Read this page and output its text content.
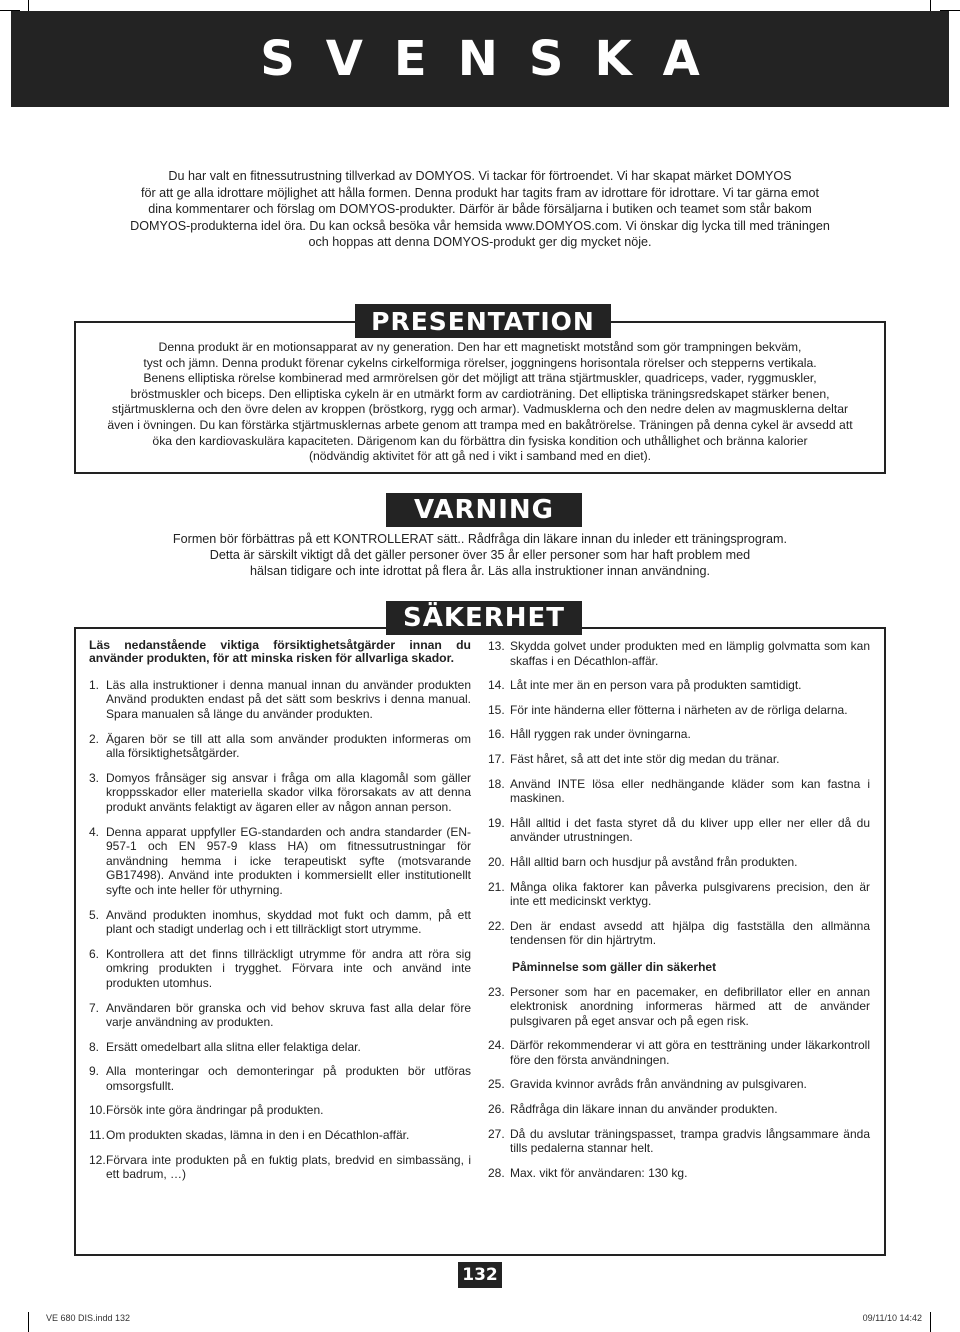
SVENSKA

Du har valt en fitnessutrustning tillverkad av DOMYOS. Vi tackar för förtroendet. Vi har skapat märket DOMYOS

för att ge alla idrottare möjlighet att hålla formen. Denna produkt har tagits fram av idrottare för idrottare. Vi tar gärna emot

dina kommentarer och förslag om DOMYOS-produkter. Därför är både försäljarna i butiken och teamet som står bakom

DOMYOS-produkterna idel öra. Du kan också besöka vår hemsida www.DOMYOS.com. Vi önskar dig lycka till med träningen

och hoppas att denna DOMYOS-produkt ger dig mycket nöje.

PRESENTATION

Denna produkt är en motionsapparat av ny generation. Den har ett magnetiskt motstånd som gör trampningen bekväm,

tyst och jämn. Denna produkt förenar cykelns cirkelformiga rörelser, joggningens horisontala rörelser och stepperns vertikala.

Benens elliptiska rörelse kombinerad med armrörelsen gör det möjligt att träna stjärtmuskler, quadriceps, vader, ryggmuskler,

bröstmuskler och biceps. Den elliptiska cykeln är en utmärkt form av cardioträning. Det elliptiska träningsredskapet stärker benen,

stjärtmusklerna och den övre delen av kroppen (bröstkorg, rygg och armar). Vadmusklerna och den nedre delen av magmusklerna deltar

även i övningen. Du kan förstärka stjärtmusklernas arbete genom att trampa med en bakåtrörelse. Träningen på denna cykel är avsedd att

öka den kardiovaskulära kapaciteten. Därigenom kan du förbättra din fysiska kondition och uthållighet och bränna kalorier

(nödvändig aktivitet för att gå ned i vikt i samband med en diet).

VARNING

Formen bör förbättras på ett KONTROLLERAT sätt.. Rådfråga din läkare innan du inleder ett träningsprogram.

Detta är särskilt viktigt då det gäller personer över 35 år eller personer som har haft problem med

hälsan tidigare och inte idrottat på flera år. Läs alla instruktioner innan användning.

SÄKERHET

Läs nedanstående viktiga försiktighetsåtgärder innan du använder produkten, för att minska risken för allvarliga skador.

1. Läs alla instruktioner i denna manual innan du använder produkten Använd produkten endast på det sätt som beskrivs i denna manual. Spara manualen så länge du använder produkten.
2. Ägaren bör se till att alla som använder produkten informeras om alla försiktighetsåtgärder.
3. Domyos frånsäger sig ansvar i fråga om alla klagomål som gäller kroppsskador eller materiella skador vilka förorsakats av att denna produkt använts felaktigt av ägaren eller av någon annan person.
4. Denna apparat uppfyller EG-standarden och andra standarder (EN-957-1 och EN 957-9 klass HA) om fitnessutrustningar för användning hemma i icke terapeutiskt syfte (motsvarande GB17498). Använd inte produkten i kommersiellt eller institutionellt syfte och inte heller för uthyrning.
5. Använd produkten inomhus, skyddad mot fukt och damm, på ett plant och stadigt underlag och i ett tillräckligt stort utrymme.
6. Kontrollera att det finns tillräckligt utrymme för andra att röra sig omkring produkten i trygghet. Förvara inte och använd inte produkten utomhus.
7. Användaren bör granska och vid behov skruva fast alla delar före varje användning av produkten.
8. Ersätt omedelbart alla slitna eller felaktiga delar.
9. Alla monteringar och demonteringar på produkten bör utföras omsorgsfullt.
10. Försök inte göra ändringar på produkten.
11. Om produkten skadas, lämna in den i en Décathlon-affär.
12. Förvara inte produkten på en fuktig plats, bredvid en simbassäng, i ett badrum, …)
13. Skydda golvet under produkten med en lämplig golvmatta som kan skaffas i en Décathlon-affär.
14. Låt inte mer än en person vara på produkten samtidigt.
15. För inte händerna eller fötterna i närheten av de rörliga delarna.
16. Håll ryggen rak under övningarna.
17. Fäst håret, så att det inte stör dig medan du tränar.
18. Använd INTE lösa eller nedhängande kläder som kan fastna i maskinen.
19. Håll alltid i det fasta styret då du kliver upp eller ner eller då du använder utrustningen.
20. Håll alltid barn och husdjur på avstånd från produkten.
21. Många olika faktorer kan påverka pulsgivarens precision, den är inte ett medicinskt verktyg.
22. Den är endast avsedd att hjälpa dig fastställa den allmänna tendensen för din hjärtrytm.
Påminnelse som gäller din säkerhet
23. Personer som har en pacemaker, en defibrillator eller en annan elektronisk anordning informeras härmed att de använder pulsgivaren på eget ansvar och på egen risk.
24. Därför rekommenderar vi att göra en testträning under läkarkontroll före den första användningen.
25. Gravida kvinnor avråds från användning av pulsgivaren.
26. Rådfråga din läkare innan du använder produkten.
27. Då du avslutar träningspasset, trampa gradvis långsammare ända tills pedalerna stannar helt.
28. Max. vikt för användaren: 130 kg.
132
VE 680 DIS.indd 132	09/11/10 14:42
